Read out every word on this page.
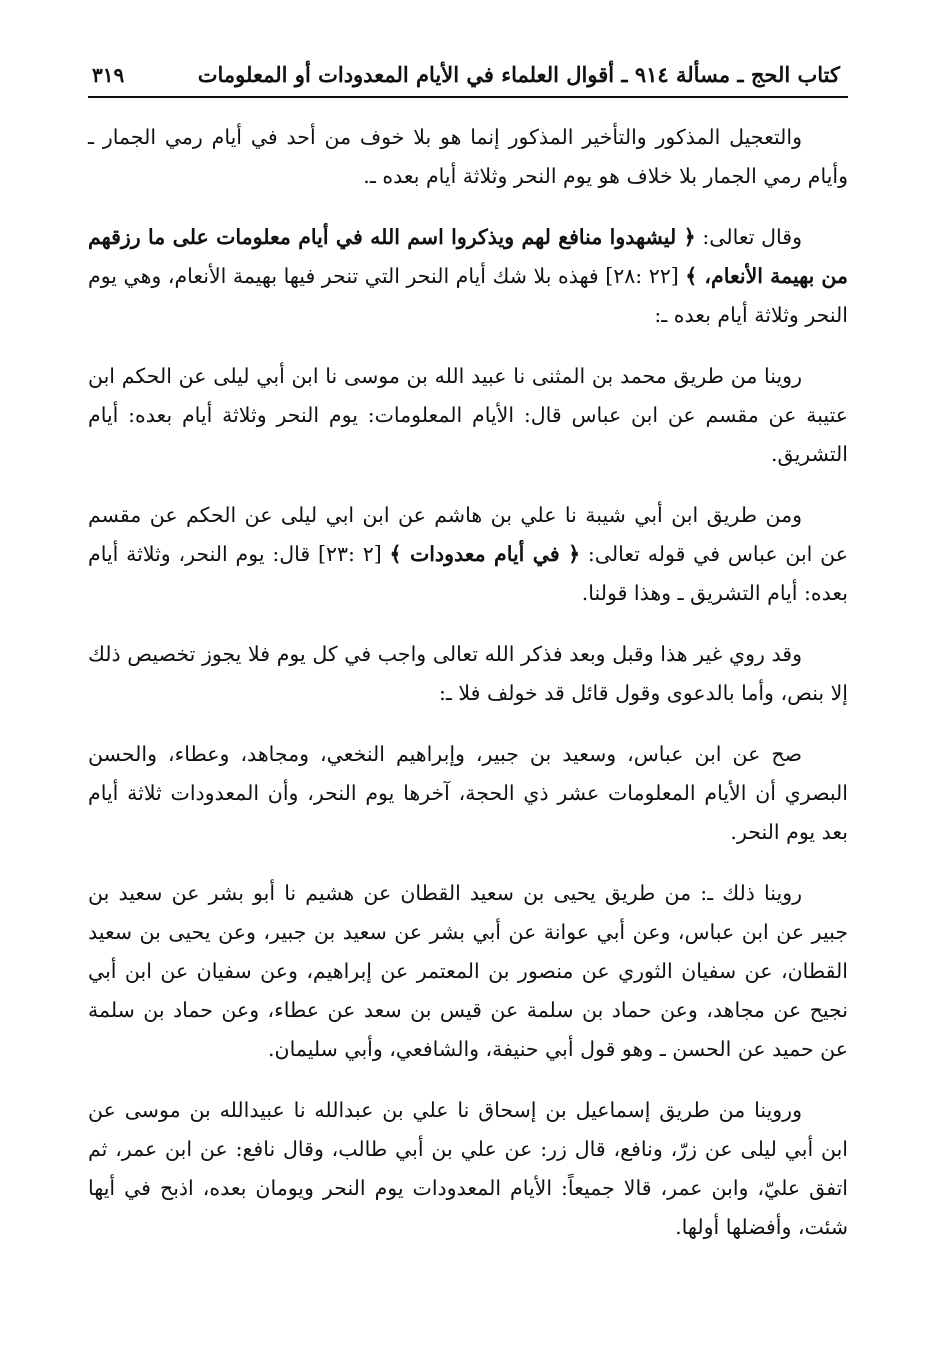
كتاب الحج ـ مسألة ٩١٤ ـ أقوال العلماء في الأيام المعدودات أو المعلومات
٣١٩

والتعجيل المذكور والتأخير المذكور إنما هو بلا خوف من أحد في أيام رمي الجمار ـ وأيام رمي الجمار بلا خلاف هو يوم النحر وثلاثة أيام بعده ـ.

وقال تعالى: ﴿ ليشهدوا منافع لهم ويذكروا اسم الله في أيام معلومات على ما رزقهم من بهيمة الأنعام، ﴾ [٢٢ :٢٨] فهذه بلا شك أيام النحر التي تنحر فيها بهيمة الأنعام، وهي يوم النحر وثلاثة أيام بعده ـ:

روينا من طريق محمد بن المثنى نا عبيد الله بن موسى نا ابن أبي ليلى عن الحكم ابن عتيبة عن مقسم عن ابن عباس قال: الأيام المعلومات: يوم النحر وثلاثة أيام بعده: أيام التشريق.

ومن طريق ابن أبي شيبة نا علي بن هاشم عن ابن ابي ليلى عن الحكم عن مقسم عن ابن عباس في قوله تعالى: ﴿ في أيام معدودات ﴾ [٢ :٢٣] قال: يوم النحر، وثلاثة أيام بعده: أيام التشريق ـ وهذا قولنا.

وقد روي غير هذا وقبل وبعد فذكر الله تعالى واجب في كل يوم فلا يجوز تخصيص ذلك إلا بنص، وأما بالدعوى وقول قائل قد خولف فلا ـ:

صح عن ابن عباس، وسعيد بن جبير، وإبراهيم النخعي، ومجاهد، وعطاء، والحسن البصري أن الأيام المعلومات عشر ذي الحجة، آخرها يوم النحر، وأن المعدودات ثلاثة أيام بعد يوم النحر.

روينا ذلك ـ: من طريق يحيى بن سعيد القطان عن هشيم نا أبو بشر عن سعيد بن جبير عن ابن عباس، وعن أبي عوانة عن أبي بشر عن سعيد بن جبير، وعن يحيى بن سعيد القطان، عن سفيان الثوري عن منصور بن المعتمر عن إبراهيم، وعن سفيان عن ابن أبي نجيح عن مجاهد، وعن حماد بن سلمة عن قيس بن سعد عن عطاء، وعن حماد بن سلمة عن حميد عن الحسن ـ وهو قول أبي حنيفة، والشافعي، وأبي سليمان.

وروينا من طريق إسماعيل بن إسحاق نا علي بن عبدالله نا عبيدالله بن موسى عن ابن أبي ليلى عن زرّ، ونافع، قال زر: عن علي بن أبي طالب، وقال نافع: عن ابن عمر، ثم اتفق عليّ، وابن عمر، قالا جميعاً: الأيام المعدودات يوم النحر ويومان بعده، اذبح في أيها شئت، وأفضلها أولها.
